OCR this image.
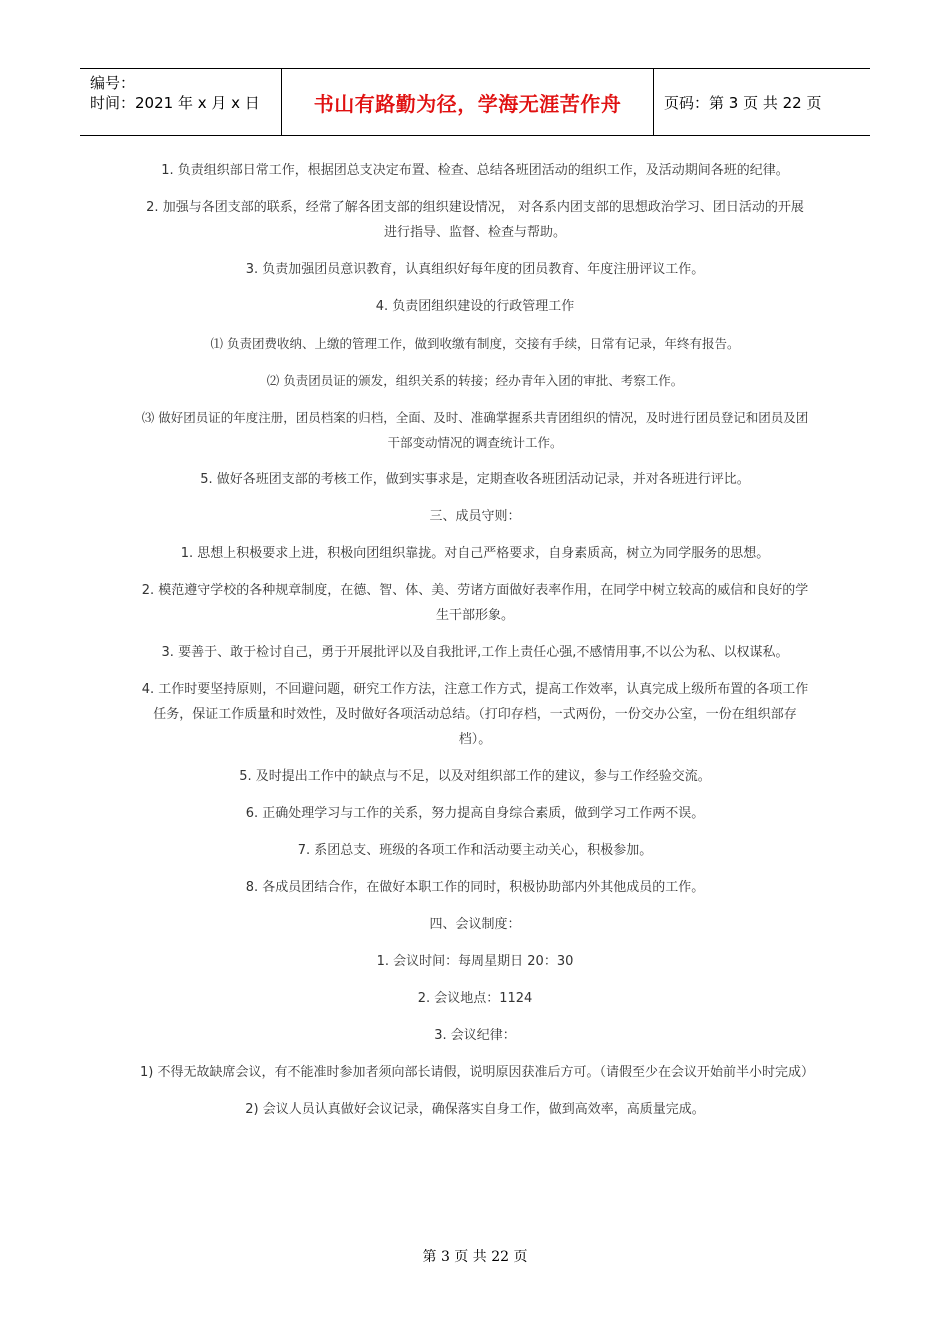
编号：
时间：2021 年 x 月 x 日	书山有路勤为径，学海无涯苦作舟	页码：第 3 页 共 22 页

1. 负责组织部日常工作，根据团总支决定布置、检查、总结各班团活动的组织工作，及活动期间各班的纪律。

2. 加强与各团支部的联系，经常了解各团支部的组织建设情况， 对各系内团支部的思想政治学习、团日活动的开展进行指导、监督、检查与帮助。

3. 负责加强团员意识教育，认真组织好每年度的团员教育、年度注册评议工作。

4. 负责团组织建设的行政管理工作

⑴ 负责团费收纳、上缴的管理工作，做到收缴有制度，交接有手续，日常有记录，年终有报告。

⑵ 负责团员证的颁发，组织关系的转接；经办青年入团的审批、考察工作。

⑶ 做好团员证的年度注册，团员档案的归档，全面、及时、准确掌握系共青团组织的情况，及时进行团员登记和团员及团干部变动情况的调查统计工作。

5. 做好各班团支部的考核工作，做到实事求是，定期查收各班团活动记录，并对各班进行评比。

三、成员守则：

1. 思想上积极要求上进，积极向团组织靠拢。对自己严格要求，自身素质高，树立为同学服务的思想。

2. 模范遵守学校的各种规章制度，在德、智、体、美、劳诸方面做好表率作用，在同学中树立较高的威信和良好的学生干部形象。

3. 要善于、敢于检讨自己，勇于开展批评以及自我批评,工作上责任心强,不感情用事,不以公为私、以权谋私。

4. 工作时要坚持原则，不回避问题，研究工作方法，注意工作方式，提高工作效率，认真完成上级所布置的各项工作任务，保证工作质量和时效性，及时做好各项活动总结。（打印存档，一式两份，一份交办公室，一份在组织部存档）。

5. 及时提出工作中的缺点与不足，以及对组织部工作的建议，参与工作经验交流。

6. 正确处理学习与工作的关系，努力提高自身综合素质，做到学习工作两不误。

7. 系团总支、班级的各项工作和活动要主动关心，积极参加。

8. 各成员团结合作，在做好本职工作的同时，积极协助部内外其他成员的工作。

四、会议制度：

1. 会议时间：每周星期日 20：30

2. 会议地点：1124

3. 会议纪律：

1) 不得无故缺席会议，有不能准时参加者须向部长请假，说明原因获准后方可。（请假至少在会议开始前半小时完成）

2) 会议人员认真做好会议记录，确保落实自身工作，做到高效率，高质量完成。

第 3 页 共 22 页
